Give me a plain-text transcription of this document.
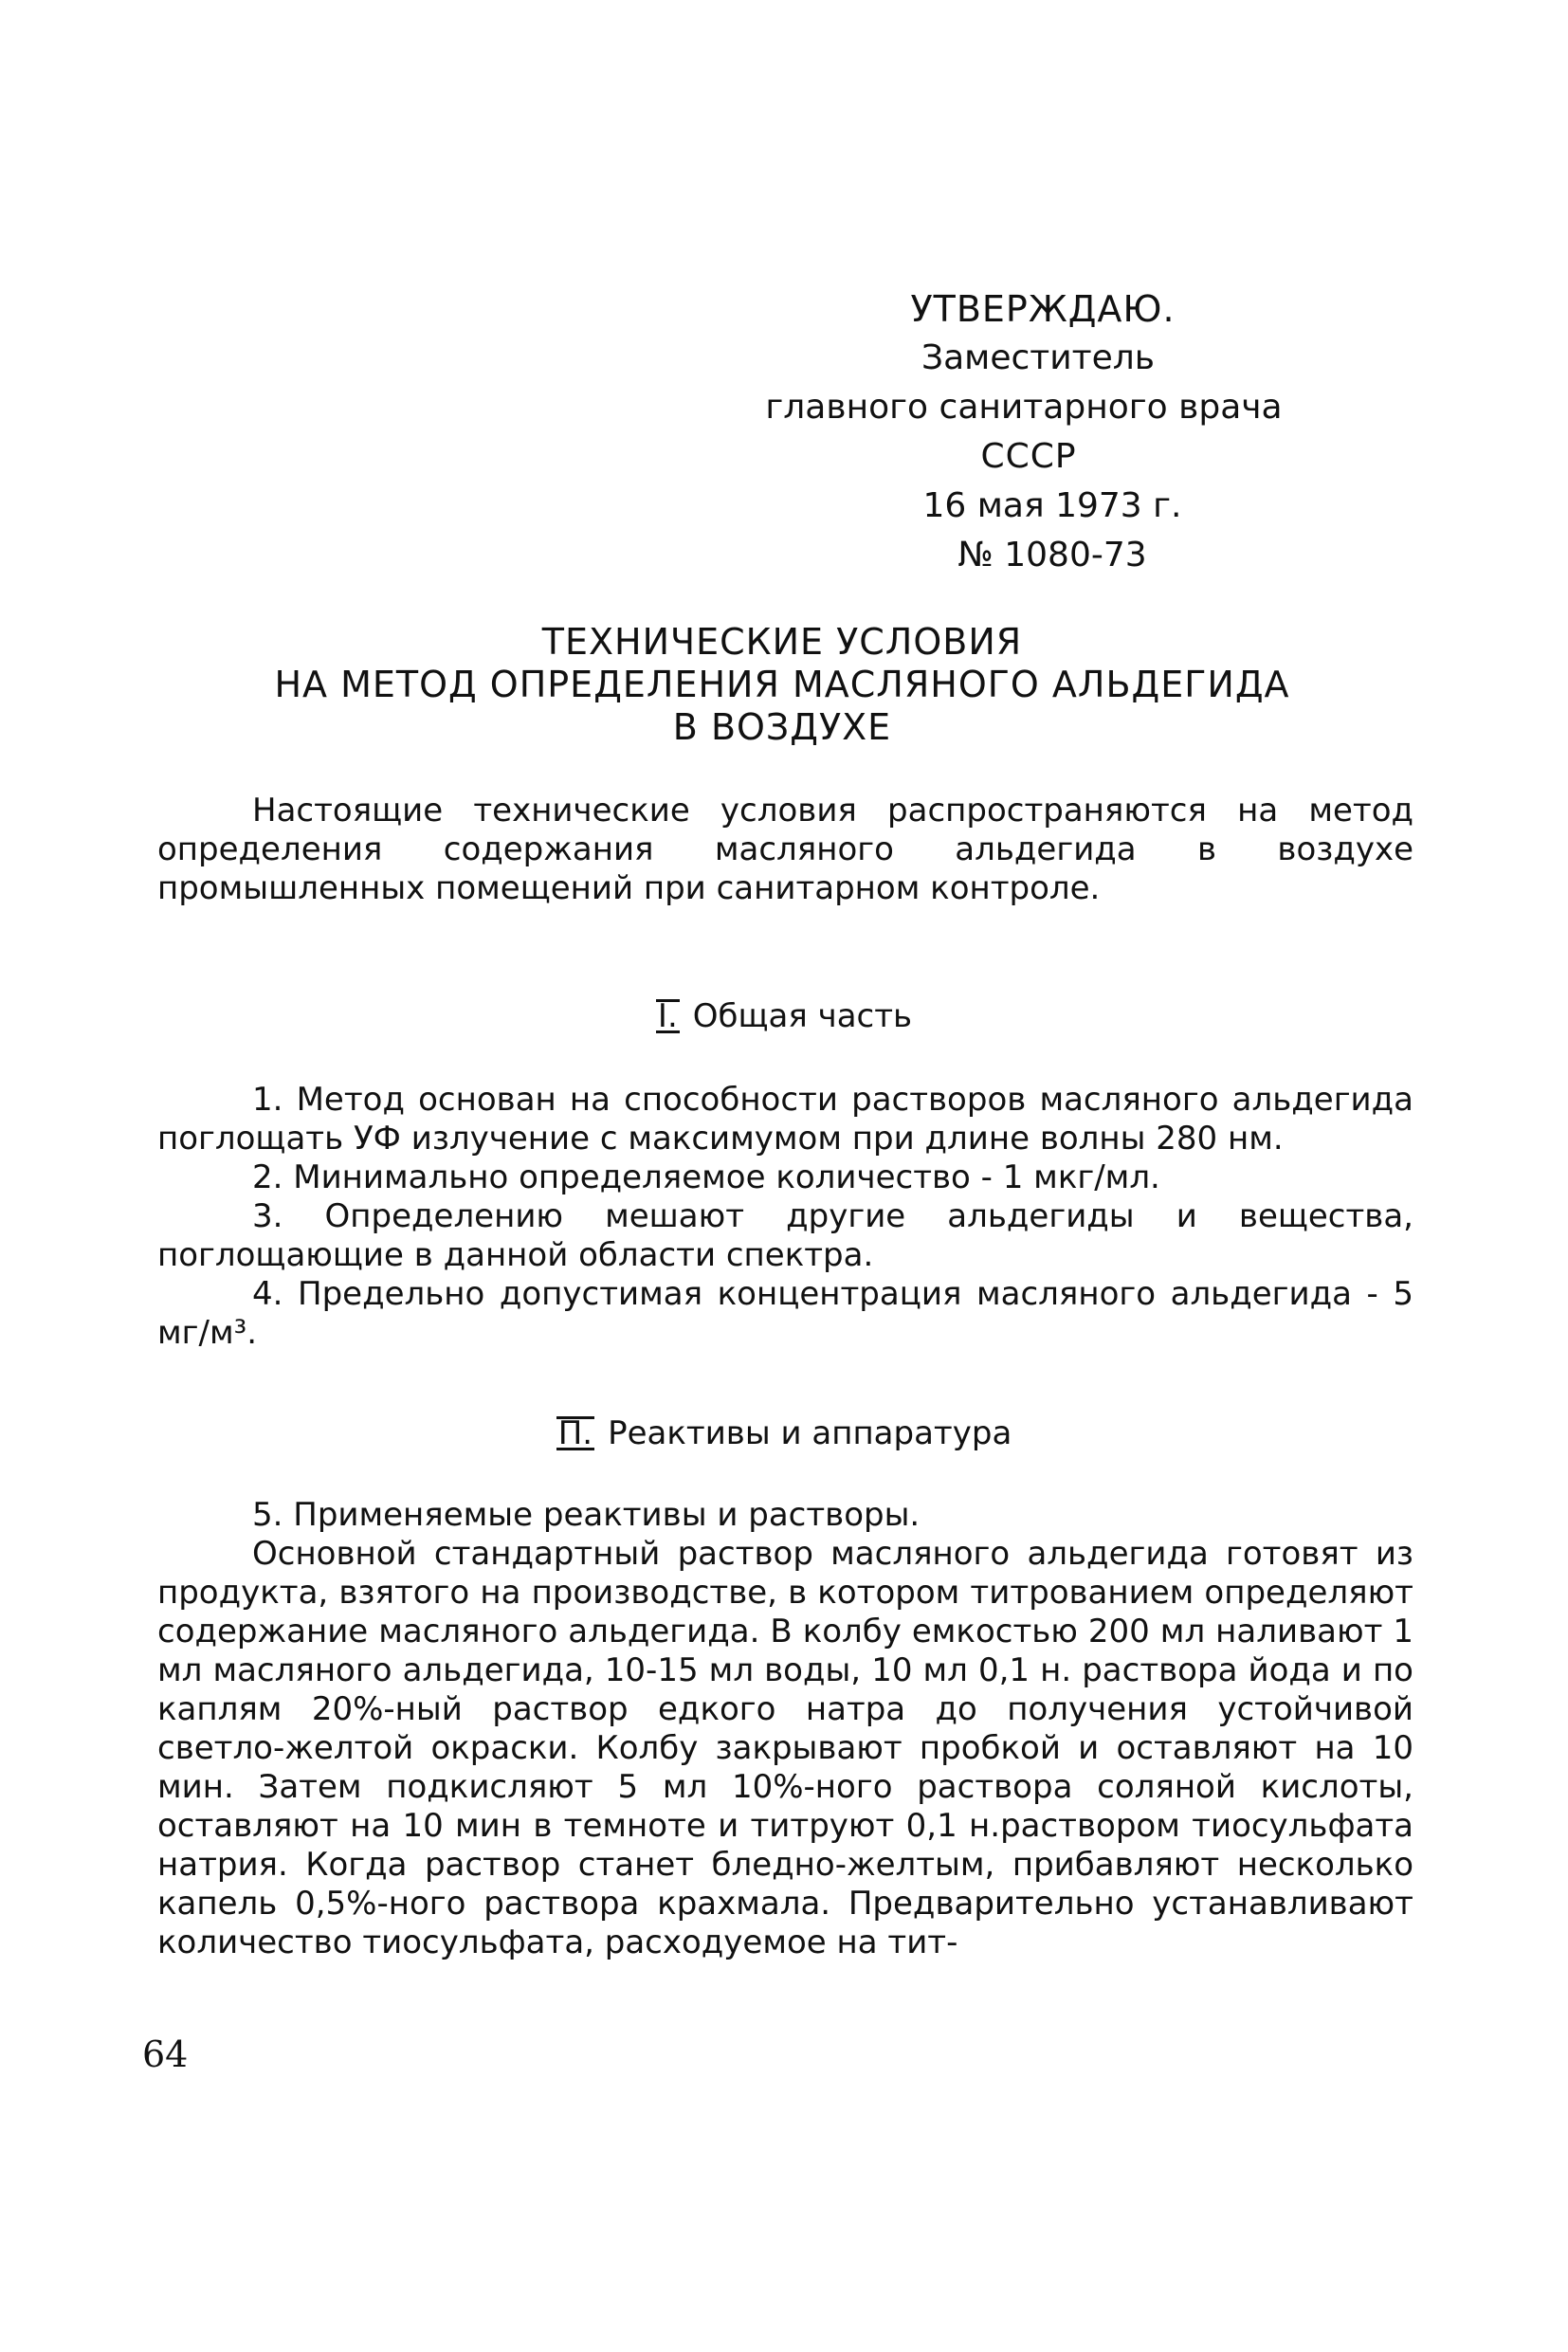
УТВЕРЖДАЮ.
Заместитель
главного санитарного врача
СССР
16 мая 1973 г.
№ 1080-73
ТЕХНИЧЕСКИЕ УСЛОВИЯ
НА МЕТОД ОПРЕДЕЛЕНИЯ МАСЛЯНОГО АЛЬДЕГИДА
В ВОЗДУХЕ

Настоящие технические условия распространяются на метод определения содержания масляного альдегида в воздухе промышленных помещений при санитарном контроле.

I. Общая часть

1. Метод основан на способности растворов масляного альдегида поглощать УФ излучение с максимумом при длине волны 280 нм.

2. Минимально определяемое количество - 1 мкг/мл.

3. Определению мешают другие альдегиды и вещества, поглощающие в данной области спектра.

4. Предельно допустимая концентрация масляного альдегида - 5 мг/м³.

П. Реактивы и аппаратура

5. Применяемые реактивы и растворы.

Основной стандартный раствор масляного альдегида готовят из продукта, взятого на производстве, в котором титрованием определяют содержание масляного альдегида. В колбу емкостью 200 мл наливают 1 мл масляного альдегида, 10-15 мл воды, 10 мл 0,1 н. раствора йода и по каплям 20%-ный раствор едкого натра до получения устойчивой светло-желтой окраски. Колбу закрывают пробкой и оставляют на 10 мин. Затем подкисляют 5 мл 10%-ного раствора соляной кислоты, оставляют на 10 мин в темноте и титруют 0,1 н.раствором тиосульфата натрия. Когда раствор станет бледно-желтым, прибавляют несколько капель 0,5%-ного раствора крахмала. Предварительно устанавливают количество тиосульфата, расходуемое на тит-

64
